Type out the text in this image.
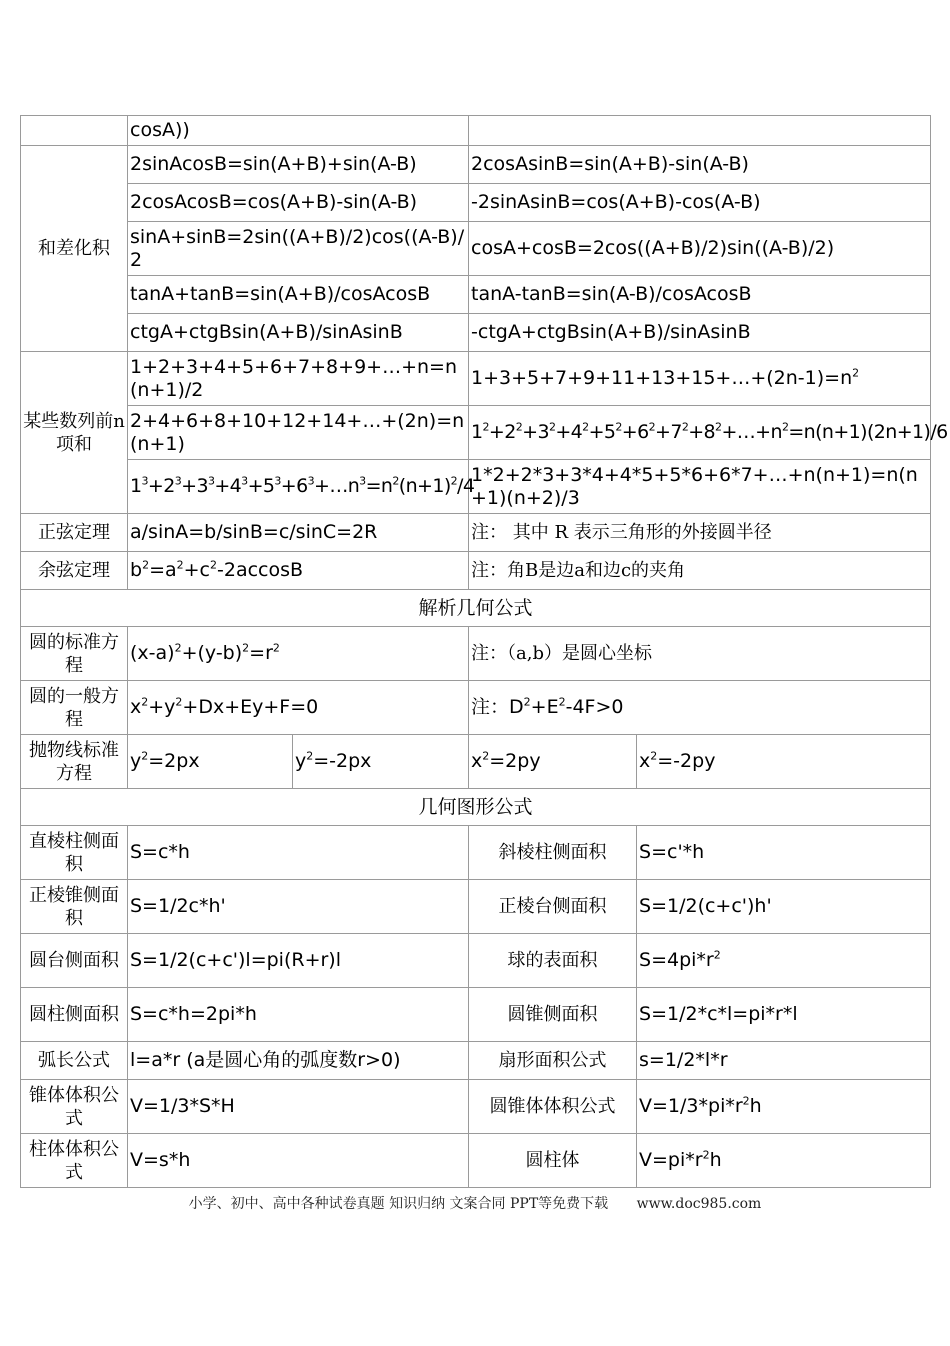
	cosA))			
和差化积	2sinAcosB=sin(A+B)+sin(A-B)		2cosAsinB=sin(A+B)-sin(A-B)	
	2cosAcosB=cos(A+B)-sin(A-B)		-2sinAsinB=cos(A+B)-cos(A-B)	
	sinA+sinB=2sin((A+B)/2)cos((A-B)/2		cosA+cosB=2cos((A+B)/2)sin((A-B)/2)	
	tanA+tanB=sin(A+B)/cosAcosB		tanA-tanB=sin(A-B)/cosAcosB	
	ctgA+ctgBsin(A+B)/sinAsinB		-ctgA+ctgBsin(A+B)/sinAsinB	
某些数列前n项和	1+2+3+4+5+6+7+8+9+…+n=n(n+1)/2		$1+3+5+7+9+11+13+15+\dots+(2n-1)=n^2$
	2+4+6+8+10+12+14+…+(2n)=n(n+1)		$1^2+2^2+3^2+4^2+5^2+6^2+7^2+8^2+\dots+n^2=n(n+1)(2n+1)/6$	
	$1^3+2^3+3^3+4^3+5^3+6^3+\dots n^3=n^2(n+1)^2/4$		1*2+2*3+3*4+4*5+5*6+6*7+…+n(n+1)=n(n+1)(n+2)/3	
正弦定理	a/sinA=b/sinB=c/sinC=2R		注： 其中 R 表示三角形的外接圆半径	
余弦定理	$b^2=a^2+c^2-2accosB$		注：角B是边a和边c的夹角	
解析几何公式				
圆的标准方程	$(x-a)^2+(y-b)^2=r^2$		注：（a,b）是圆心坐标	
圆的一般方程	$x^2+y^2+Dx+Ey+F=0$		注：$D^2+E^2-4F>0$	
抛物线标准方程	$y^2=2px$	$y^2=-2px$	$x^2=2py$	$x^2=-2py$
几何图形公式				
直棱柱侧面积	S=c*h		斜棱柱侧面积	S=c'*h
正棱锥侧面积	S=1/2c*h'		正棱台侧面积	S=1/2(c+c')h'
圆台侧面积	S=1/2(c+c')l=pi(R+r)l		球的表面积	$S=4pi*r^2$
圆柱侧面积	S=c*h=2pi*h		圆锥侧面积	S=1/2*c*l=pi*r*l
弧长公式	l=a*r (a是圆心角的弧度数r>0)		扇形面积公式	s=1/2*l*r
锥体体积公式	V=1/3*S*H		圆锥体体积公式	$V=1/3*pi*r^2h$
柱体体积公式	V=s*h		圆柱体	$V=pi*r^2h$
小学、初中、高中各种试卷真题 知识归纳 文案合同 PPT等免费下载 www.doc985.com
